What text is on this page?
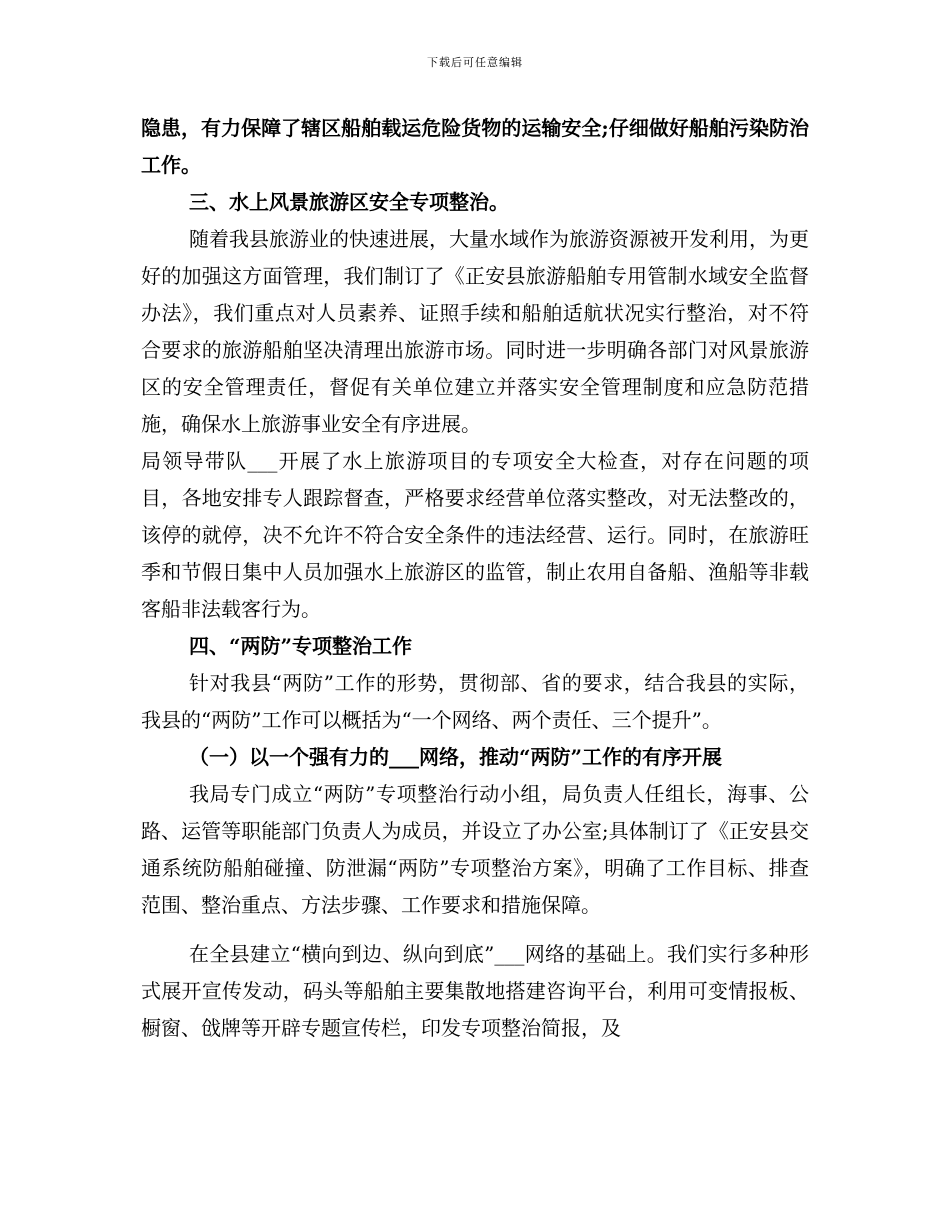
下载后可任意编辑

隐患，有力保障了辖区船舶载运危险货物的运输安全;仔细做好船舶污染防治工作。

三、水上风景旅游区安全专项整治。

随着我县旅游业的快速进展，大量水域作为旅游资源被开发利用，为更好的加强这方面管理，我们制订了《正安县旅游船舶专用管制水域安全监督办法》，我们重点对人员素养、证照手续和船舶适航状况实行整治，对不符合要求的旅游船舶坚决清理出旅游市场。同时进一步明确各部门对风景旅游区的安全管理责任，督促有关单位建立并落实安全管理制度和应急防范措施，确保水上旅游事业安全有序进展。

局领导带队___开展了水上旅游项目的专项安全大检查，对存在问题的项目，各地安排专人跟踪督查，严格要求经营单位落实整改，对无法整改的，该停的就停，决不允许不符合安全条件的违法经营、运行。同时，在旅游旺季和节假日集中人员加强水上旅游区的监管，制止农用自备船、渔船等非载客船非法载客行为。

四、“两防”专项整治工作

针对我县“两防”工作的形势，贯彻部、省的要求，结合我县的实际，我县的“两防”工作可以概括为“一个网络、两个责任、三个提升”。

（一）以一个强有力的___网络，推动“两防”工作的有序开展

我局专门成立“两防”专项整治行动小组，局负责人任组长，海事、公路、运管等职能部门负责人为成员，并设立了办公室;具体制订了《正安县交通系统防船舶碰撞、防泄漏“两防”专项整治方案》，明确了工作目标、排查范围、整治重点、方法步骤、工作要求和措施保障。

在全县建立“横向到边、纵向到底”___网络的基础上。我们实行多种形式展开宣传发动，码头等船舶主要集散地搭建咨询平台，利用可变情报板、橱窗、戗牌等开辟专题宣传栏，印发专项整治简报，及
